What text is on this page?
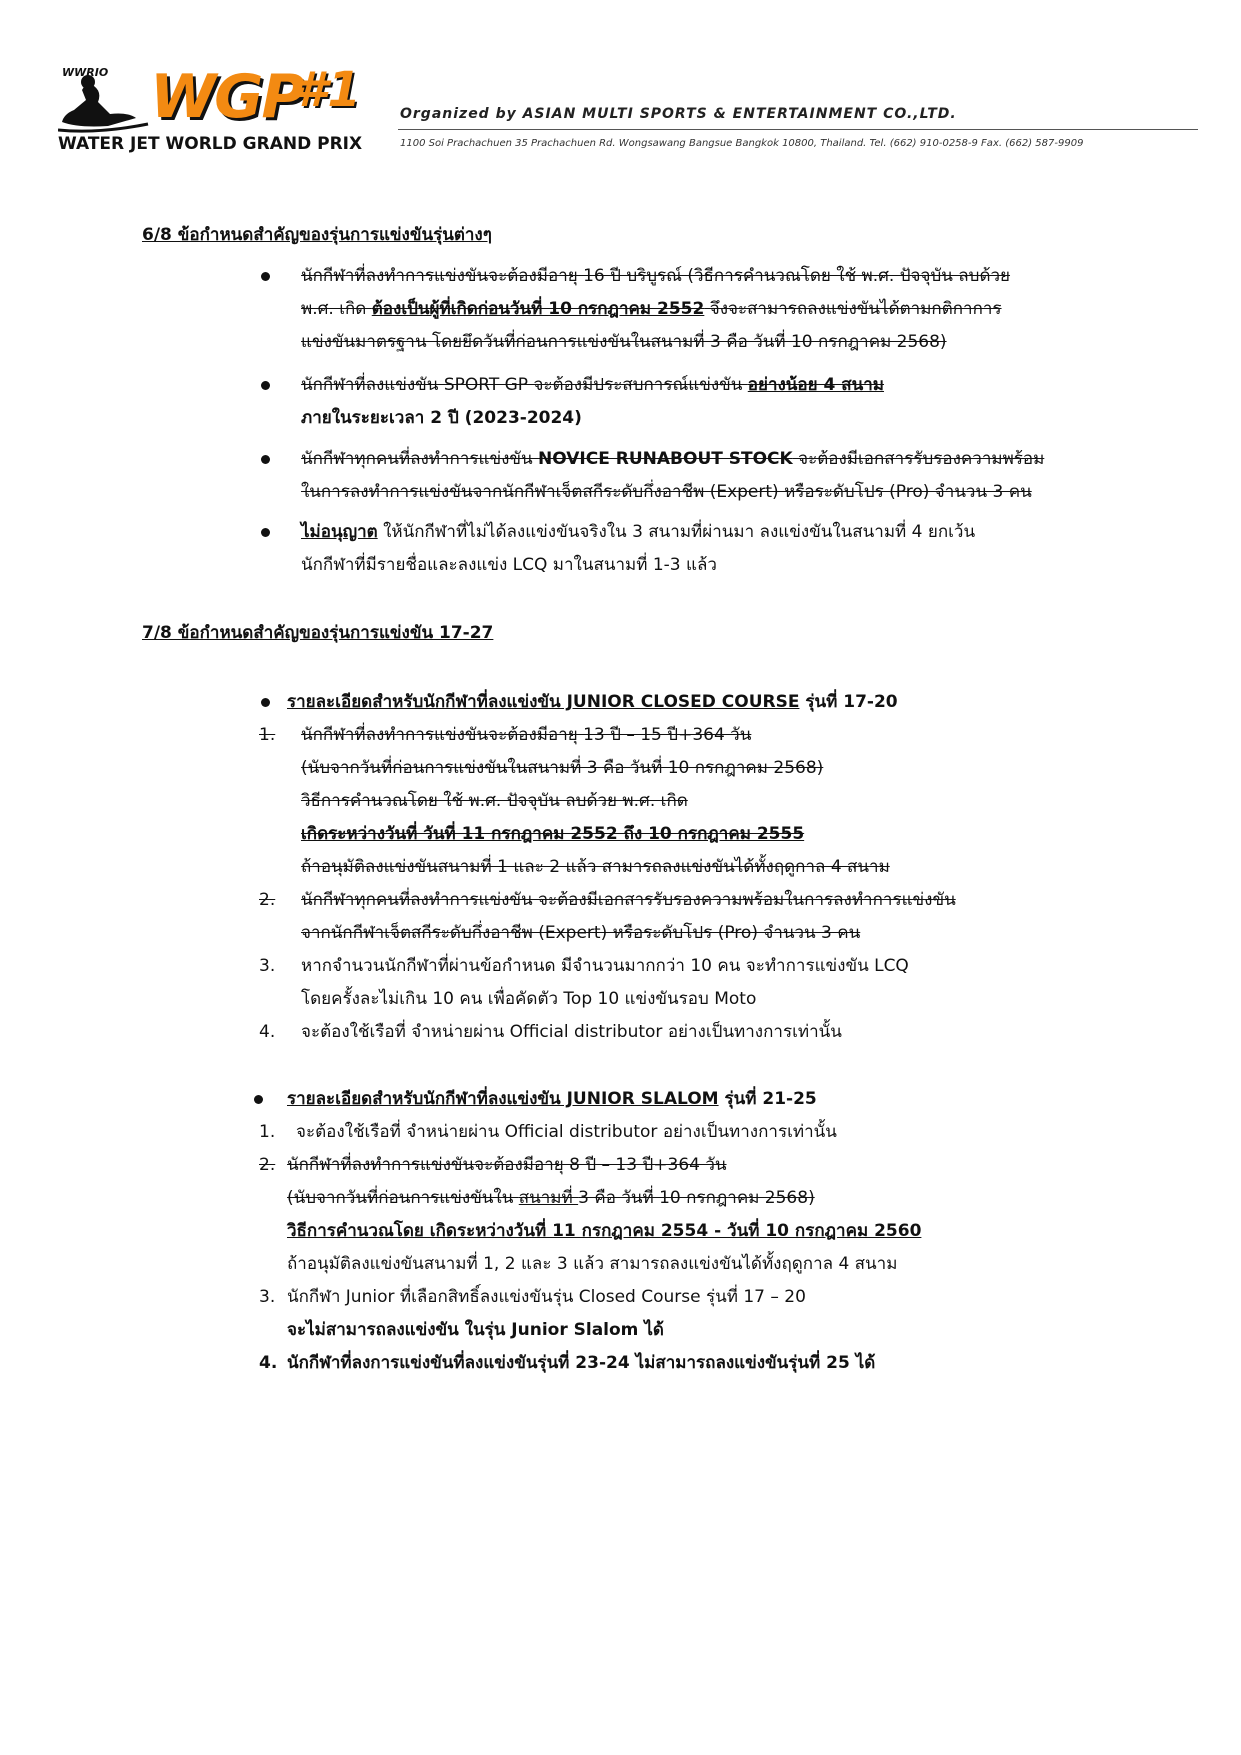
WWRIO WGP
#1
WATER JET WORLD GRAND PRIX
Organized by ASIAN MULTI SPORTS & ENTERTAINMENT CO.,LTD.
1100 Soi Prachachuen 35 Prachachuen Rd. Wongsawang Bangsue Bangkok 10800, Thailand. Tel. (662) 910-0258-9 Fax. (662) 587-9909
6/8 ข้อกำหนดสำคัญของรุ่นการแข่งขันรุ่นต่างๆ
นักกีฬาที่ลงทำการแข่งขันจะต้องมีอายุ 16 ปี บริบูรณ์ (วิธีการคำนวณโดย ใช้ พ.ศ. ปัจจุบัน ลบด้วย
พ.ศ. เกิด ต้องเป็นผู้ที่เกิดก่อนวันที่ 10 กรกฎาคม 2552 จึงจะสามารถลงแข่งขันได้ตามกติกาการ
แข่งขันมาตรฐาน โดยยึดวันที่ก่อนการแข่งขันในสนามที่ 3 คือ วันที่ 10 กรกฎาคม 2568)
นักกีฬาที่ลงแข่งขัน SPORT GP จะต้องมีประสบการณ์แข่งขัน อย่างน้อย 4 สนาม
ภายในระยะเวลา 2 ปี (2023-2024)
นักกีฬาทุกคนที่ลงทำการแข่งขัน NOVICE RUNABOUT STOCK จะต้องมีเอกสารรับรองความพร้อม
ในการลงทำการแข่งขันจากนักกีฬาเจ็ตสกีระดับกึ่งอาชีพ (Expert) หรือระดับโปร (Pro) จำนวน 3 คน
ไม่อนุญาต ให้นักกีฬาที่ไม่ได้ลงแข่งขันจริงใน 3 สนามที่ผ่านมา ลงแข่งขันในสนามที่ 4 ยกเว้น
นักกีฬาที่มีรายชื่อและลงแข่ง LCQ มาในสนามที่ 1-3 แล้ว
7/8 ข้อกำหนดสำคัญของรุ่นการแข่งขัน 17-27
รายละเอียดสำหรับนักกีฬาที่ลงแข่งขัน JUNIOR CLOSED COURSE รุ่นที่ 17-20
1. นักกีฬาที่ลงทำการแข่งขันจะต้องมีอายุ 13 ปี – 15 ปี+364 วัน
(นับจากวันที่ก่อนการแข่งขันในสนามที่ 3 คือ วันที่ 10 กรกฎาคม 2568)
วิธีการคำนวณโดย ใช้ พ.ศ. ปัจจุบัน ลบด้วย พ.ศ. เกิด
เกิดระหว่างวันที่ วันที่ 11 กรกฎาคม 2552 ถึง 10 กรกฎาคม 2555
ถ้าอนุมัติลงแข่งขันสนามที่ 1 และ 2 แล้ว สามารถลงแข่งขันได้ทั้งฤดูกาล 4 สนาม
2. นักกีฬาทุกคนที่ลงทำการแข่งขัน จะต้องมีเอกสารรับรองความพร้อมในการลงทำการแข่งขัน
จากนักกีฬาเจ็ตสกีระดับกึ่งอาชีพ (Expert) หรือระดับโปร (Pro) จำนวน 3 คน
3. หากจำนวนนักกีฬาที่ผ่านข้อกำหนด มีจำนวนมากกว่า 10 คน จะทำการแข่งขัน LCQ
โดยครั้งละไม่เกิน 10 คน เพื่อคัดตัว Top 10 แข่งขันรอบ Moto
4. จะต้องใช้เรือที่ จำหน่ายผ่าน Official distributor อย่างเป็นทางการเท่านั้น
รายละเอียดสำหรับนักกีฬาที่ลงแข่งขัน JUNIOR SLALOM รุ่นที่ 21-25
1. จะต้องใช้เรือที่ จำหน่ายผ่าน Official distributor อย่างเป็นทางการเท่านั้น
2. นักกีฬาที่ลงทำการแข่งขันจะต้องมีอายุ 8 ปี – 13 ปี+364 วัน
(นับจากวันที่ก่อนการแข่งขันใน สนามที่ 3 คือ วันที่ 10 กรกฎาคม 2568)
วิธีการคำนวณโดย เกิดระหว่างวันที่ 11 กรกฎาคม 2554 - วันที่ 10 กรกฎาคม 2560
ถ้าอนุมัติลงแข่งขันสนามที่ 1, 2 และ 3 แล้ว สามารถลงแข่งขันได้ทั้งฤดูกาล 4 สนาม
3. นักกีฬา Junior ที่เลือกสิทธิ์ลงแข่งขันรุ่น Closed Course รุ่นที่ 17 – 20
จะไม่สามารถลงแข่งขัน ในรุ่น Junior Slalom ได้
4. นักกีฬาที่ลงการแข่งขันที่ลงแข่งขันรุ่นที่ 23-24 ไม่สามารถลงแข่งขันรุ่นที่ 25 ได้
